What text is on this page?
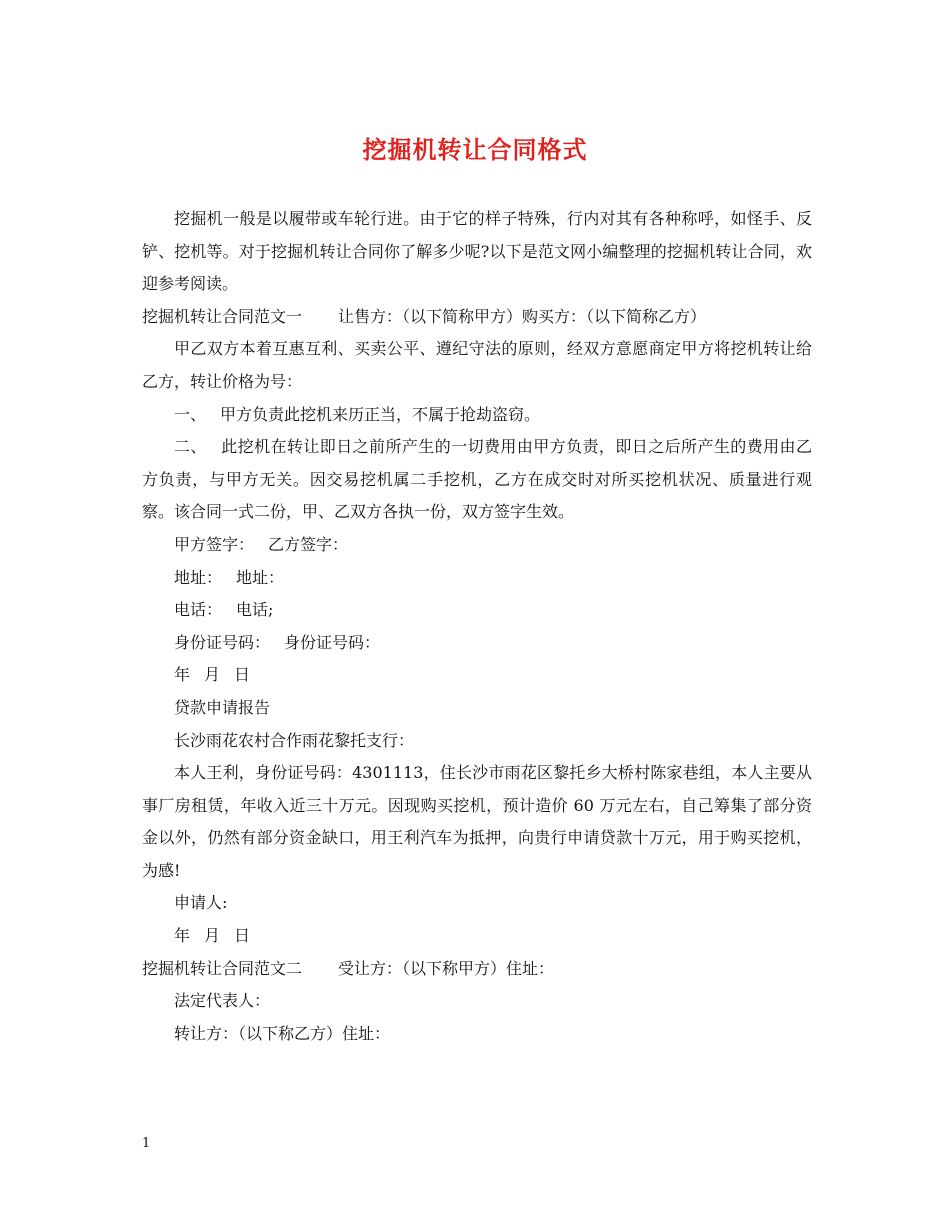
挖掘机转让合同格式

挖掘机一般是以履带或车轮行进。由于它的样子特殊，行内对其有各种称呼，如怪手、反铲、挖机等。对于挖掘机转让合同你了解多少呢?以下是范文网小编整理的挖掘机转让合同，欢迎参考阅读。

挖掘机转让合同范文一 让售方：（以下简称甲方）购买方：（以下简称乙方）

甲乙双方本着互惠互利、买卖公平、遵纪守法的原则，经双方意愿商定甲方将挖机转让给乙方，转让价格为号：

一、 甲方负责此挖机来历正当，不属于抢劫盗窃。

二、 此挖机在转让即日之前所产生的一切费用由甲方负责，即日之后所产生的费用由乙方负责，与甲方无关。因交易挖机属二手挖机，乙方在成交时对所买挖机状况、质量进行观察。该合同一式二份，甲、乙双方各执一份，双方签字生效。

甲方签字： 乙方签字：

地址： 地址：

电话： 电话;

身份证号码： 身份证号码：

年 月 日

贷款申请报告

长沙雨花农村合作雨花黎托支行：

本人王利，身份证号码：4301113，住长沙市雨花区黎托乡大桥村陈家巷组，本人主要从事厂房租赁，年收入近三十万元。因现购买挖机，预计造价 60 万元左右，自己筹集了部分资金以外，仍然有部分资金缺口，用王利汽车为抵押，向贵行申请贷款十万元，用于购买挖机，为感!

申请人:

年 月 日

挖掘机转让合同范文二 受让方：（以下称甲方）住址：

法定代表人：

转让方：（以下称乙方）住址：

1
